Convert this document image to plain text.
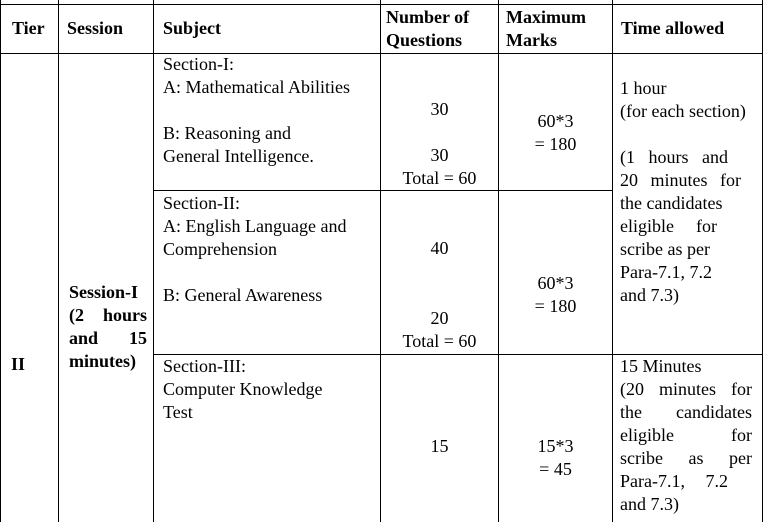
Tier Session Subject
Number of
Questions
Maximum
Marks
Time allowed
II
Session-I
(2 hours
and 15
minutes)
Section-I:
A: Mathematical Abilities
B: Reasoning and
General Intelligence.
30
30
Total = 60
60*3
= 180
Section-II:
A: English Language and
Comprehension
B: General Awareness
40
20
Total = 60
60*3
= 180
1 hour
(for each section)
(1 hours and
20 minutes for
the candidates
eligible for
scribe as per
Para-7.1, 7.2
and 7.3)
Section-III:
Computer Knowledge
Test
15	15*3
= 45
15 Minutes
(20 minutes for
the candidates
eligible	for
scribe as per
Para-7.1, 7.2
and 7.3)
